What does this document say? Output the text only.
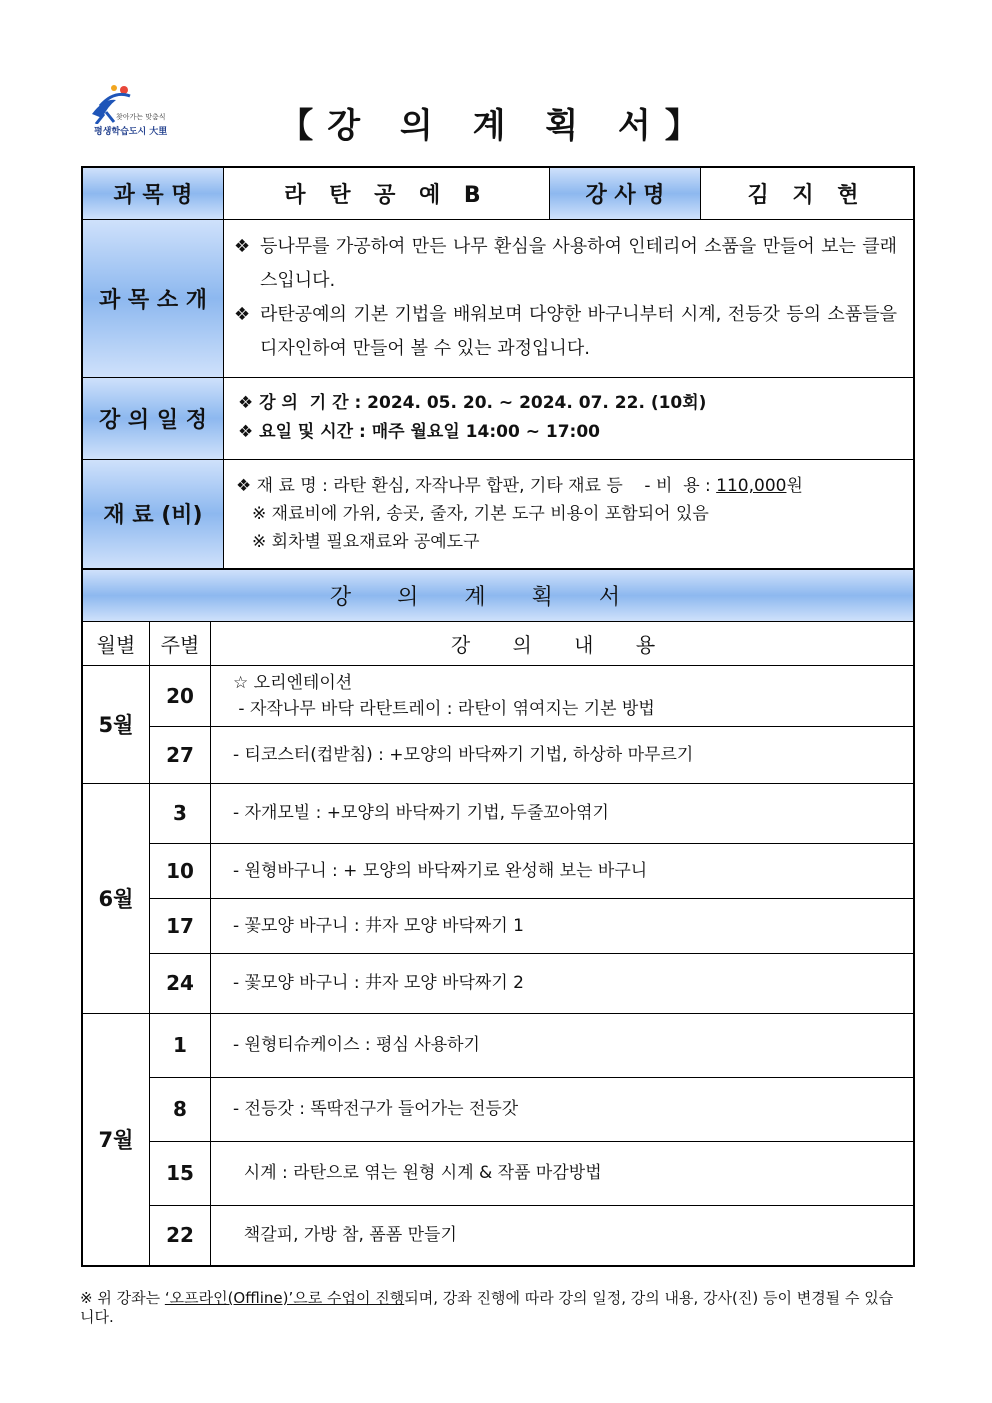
찾아가는 맞춤식
평생학습도시 大里	【강 의 계 획 서】
과 목 명	라 탄 공 예 B	강 사 명	김 지 현
과 목 소 개	❖ 등나무를 가공하여 만든 나무 환심을 사용하여 인테리어 소품을 만들어 보는 클래스입니다.
❖ 라탄공예의 기본 기법을 배워보며 다양한 바구니부터 시계, 전등갓 등의 소품들을 디자인하여 만들어 볼 수 있는 과정입니다.		

강 의 일 정	❖ 강 의  기 간 : 2024. 05. 20. ~ 2024. 07. 22. (10회)
❖ 요일 및 시간 : 매주 월요일 14:00 ~ 17:00		

재 료 (비)	❖ 재 료 명 : 라탄 환심, 자작나무 합판, 기타 재료 등    - 비  용 : 110,000원
※ 재료비에 가위, 송곳, 줄자, 기본 도구 비용이 포함되어 있음
※ 회차별 필요재료와 공예도구		
강의계획서		
월별	주별	강 의 내 용
5월	20	☆ 오리엔테이션
- 자작나무 바닥 라탄트레이 : 라탄이 엮여지는 기본 방법

	27	- 티코스터(컵받침) : +모양의 바닥짜기 기법, 하상하 마무르기
6월	3	- 자개모빌 : +모양의 바닥짜기 기법, 두줄꼬아엮기
	10	- 원형바구니 : + 모양의 바닥짜기로 완성해 보는 바구니
	17	- 꽃모양 바구니 : 井자 모양 바닥짜기 1
	24	- 꽃모양 바구니 : 井자 모양 바닥짜기 2
7월	1	- 원형티슈케이스 : 평심 사용하기
	8	- 전등갓 : 똑딱전구가 들어가는 전등갓
	15	시계 : 라탄으로 엮는 원형 시계 & 작품 마감방법
	22	책갈피, 가방 참, 폼폼 만들기
※ 위 강좌는 ‘오프라인(Offline)’으로 수업이 진행되며, 강좌 진행에 따라 강의 일정, 강의 내용, 강사(진) 등이 변경될 수 있습니다.
